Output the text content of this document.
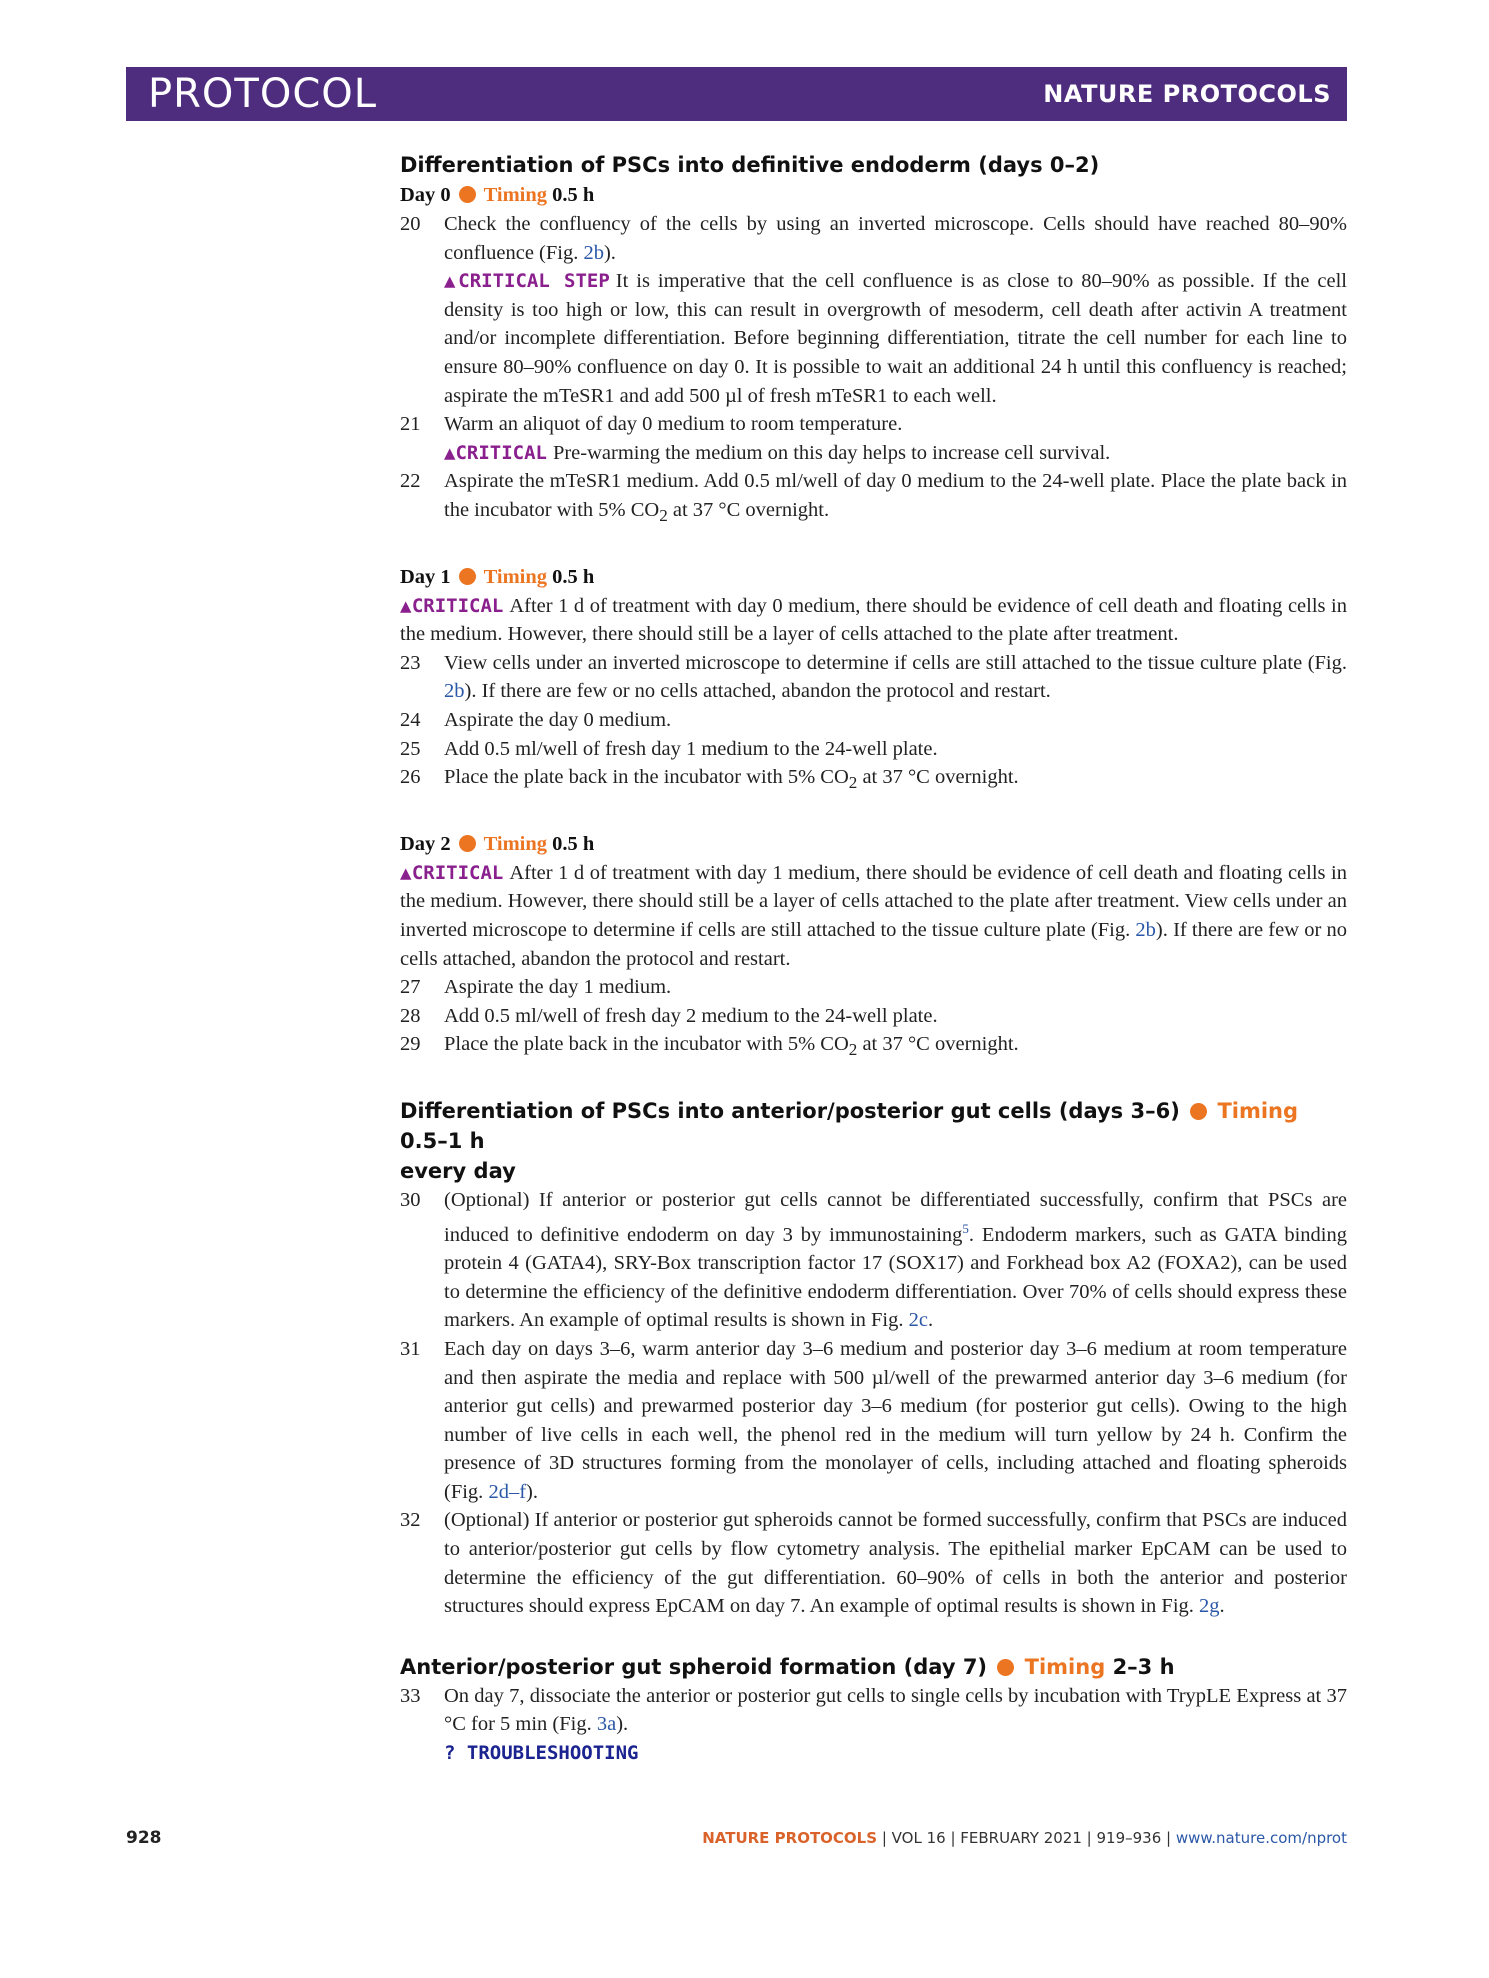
PROTOCOL	NATURE PROTOCOLS
Differentiation of PSCs into definitive endoderm (days 0–2)
Day 0 Timing 0.5 h
20	Check the confluency of the cells by using an inverted microscope. Cells should have reached 80–90% confluence (Fig. 2b).
▲CRITICAL STEP It is imperative that the cell confluence is as close to 80–90% as possible. If the cell density is too high or low, this can result in overgrowth of mesoderm, cell death after activin A treatment and/or incomplete differentiation. Before beginning differentiation, titrate the cell number for each line to ensure 80–90% confluence on day 0. It is possible to wait an additional 24 h until this confluency is reached; aspirate the mTeSR1 and add 500 µl of fresh mTeSR1 to each well.
21	Warm an aliquot of day 0 medium to room temperature.
▲CRITICAL Pre-warming the medium on this day helps to increase cell survival.
22	Aspirate the mTeSR1 medium. Add 0.5 ml/well of day 0 medium to the 24-well plate. Place the plate back in the incubator with 5% $CO_2$ at 37 °C overnight.
Day 1 Timing 0.5 h
▲CRITICAL After 1 d of treatment with day 0 medium, there should be evidence of cell death and floating cells in the medium. However, there should still be a layer of cells attached to the plate after treatment.
23	View cells under an inverted microscope to determine if cells are still attached to the tissue culture plate (Fig. 2b). If there are few or no cells attached, abandon the protocol and restart.
24	Aspirate the day 0 medium.
25	Add 0.5 ml/well of fresh day 1 medium to the 24-well plate.
26	Place the plate back in the incubator with 5% $CO_2$ at 37 °C overnight.
Day 2 Timing 0.5 h
▲CRITICAL After 1 d of treatment with day 1 medium, there should be evidence of cell death and floating cells in the medium. However, there should still be a layer of cells attached to the plate after treatment. View cells under an inverted microscope to determine if cells are still attached to the tissue culture plate (Fig. 2b). If there are few or no cells attached, abandon the protocol and restart.
27	Aspirate the day 1 medium.
28	Add 0.5 ml/well of fresh day 2 medium to the 24-well plate.
29	Place the plate back in the incubator with 5% $CO_2$ at 37 °C overnight.
Differentiation of PSCs into anterior/posterior gut cells (days 3–6) Timing 0.5–1 h
every day
30	(Optional) If anterior or posterior gut cells cannot be differentiated successfully, confirm that PSCs are induced to definitive endoderm on day 3 by immunostaining$^5$. Endoderm markers, such as GATA binding protein 4 (GATA4), SRY-Box transcription factor 17 (SOX17) and Forkhead box A2 (FOXA2), can be used to determine the efficiency of the definitive endoderm differentiation. Over 70% of cells should express these markers. An example of optimal results is shown in Fig. 2c.
31	Each day on days 3–6, warm anterior day 3–6 medium and posterior day 3–6 medium at room temperature and then aspirate the media and replace with 500 µl/well of the prewarmed anterior day 3–6 medium (for anterior gut cells) and prewarmed posterior day 3–6 medium (for posterior gut cells). Owing to the high number of live cells in each well, the phenol red in the medium will turn yellow by 24 h. Confirm the presence of 3D structures forming from the monolayer of cells, including attached and floating spheroids (Fig. 2d–f).
32	(Optional) If anterior or posterior gut spheroids cannot be formed successfully, confirm that PSCs are induced to anterior/posterior gut cells by flow cytometry analysis. The epithelial marker EpCAM can be used to determine the efficiency of the gut differentiation. 60–90% of cells in both the anterior and posterior structures should express EpCAM on day 7. An example of optimal results is shown in Fig. 2g.
Anterior/posterior gut spheroid formation (day 7) Timing 2–3 h
33	On day 7, dissociate the anterior or posterior gut cells to single cells by incubation with TrypLE Express at 37 °C for 5 min (Fig. 3a).
? TROUBLESHOOTING
928	NATURE PROTOCOLS | VOL 16 | FEBRUARY 2021 | 919–936 | www.nature.com/nprot
